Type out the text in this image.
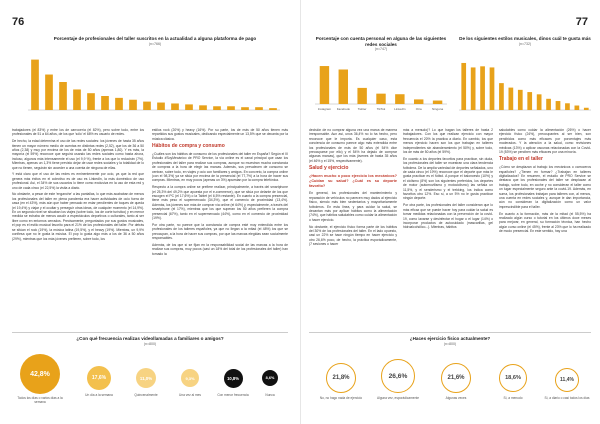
76
Porcentaje de profesionales del taller suscritos en la actualidad a alguna plataforma de pago
(n=766)

trabajadores (el 83%) y entre los de carrocería (el 82%), pero sobre todo, entre los profesionales de 51 a 64 años, de los que 'sólo' el 68% es usuario de redes.

De hecho, la edad determina el uso de las redes sociales: los jóvenes de hasta 35 años tienen un mayor número medio de cuentas en distintas redes (2,52), que los de 36 a 50 años (2,38) y muy por encima de los de más de 50 años (apenas 1,80). Y es más, la mayoría (el 59%) reconoce que seguirá usando las redes sociales como hasta ahora, incluso, algunos más intensamente el uso (el 9,9 %), frente a los que lo reducirán (7%). Mientras, apenas un 1,3% tiene previsto dejar de usar redes sociales y la totalidad de lo que no tienen, seguirán sin acceder a una cuenta de ninguna de ellas.

Y está claro que el uso de las redes es eminentemente por ocio, ya que la red que genera más éxitos en el colectivo es de uso es LinkedIn, la más doméstico de uso profesional. Así, el 34% de sus usuarios lo tiene como exclusiva en la uso de esta red y uno de cada cinco (el 22,5%) la visita a diario.

No obstante, a pesar de este 'enganche' a las pantallas, lo que más acababan de menos los profesionales del taller en plena pandemia era hacer actividades de ocio fuera de casa (en el 43%), más aún que haber pensado en estar pendientes de toques de queda (el 19,4%) y viajar y el ocultar y perseguir otras ideas, de cualquier momento (el 14,9%). En un segundo nivel se situaban los viajes (sobre todo, los de corte turístico) y en menor medida se echaba de menos acudir a espectáculos deportivos o culturales, tanto al ser libre como en entornos cerrados. Precisamente, preguntados por sus gustos musicales, el pop es el estilo musical favorito para el 21% de los profesionales del taller. Por detrás se sitúan el rock (19%), la música latina (19,5%), y el heavy (19%). Mientras, un 9,9% confiesa que no le gusta la música. El pop lo gusta algo más a los de 36 a 50 años (29%), mientras que los más jóvenes prefieren, sobre todo, los

estilos rock (20%) y heavy (16%). Por su parte, los de más de 50 años tienen más repartidos sus gustos musicales, dedicando especialmente un 13,5% que se decanta por la música clásica.

Hábitos de compra y consumo

¿Cuáles son los hábitos de consumo de los profesionales del taller en España? Según el III Estudio #SoyMecánico de PRO Service, la vía online es el canal principal que usan los profesionales del taller para realizar sus compras, aunque no muestran mucha constancia de compras a la hora de elegir las marcas. Además, sus prevalecen de consumo se centran, sobre todo, en viajes y ocio con familiares y amigos. En concreto, la compra online (con el 98,3%) ya se sitúa por encima de la presencial (el 77,7%) a la hora de hacer sus compras. Mientras, en muy pocos (apenas un 3%) apuestan por la compra telefónica.

Respecto a la compra online se prefiere realizar, principalmente, a través del smartphone (el 25,3% del 49,2% que apuesta por el e-commerce), que se sitúa por delante de los que escogen el PC (el 17,6%) o la Tablet (el 6,5% restante). En cuanto a la compra presencial, tiene más peso el supermercado (34,3%), que el comercio de proximidad (13,4%). Además, los jóvenes son más de comprar vía online (el 64%) y, especialmente, a través del smartphone (el 17%), mientras que los que superan los 50 años prefieren la compra presencial (67%), tanto en el supermercado (44%), como en el comercio de proximidad (19%).

Por otra parte, no parece que la constancia de compra esté muy extendida entre los profesionales de los talleres españoles, ya que no llegan a la mitad (el 48%) los que se preocupan, a la hora de hacer sus compras, por que las marcas elegidas sean socialmente responsables.

Además, de los que sí se fijan en la responsabilidad social de las marcas a la hora de realizar sus compras, muy pocos (casi un 18% del total de los profesionales del taller) han tomado la

¿Con qué frecuencia realizas videollamadas a familiares o amigos?
(n=800)
42,8%
Todos los días o varios días a la semana
17,6%
Un día a la semana
11,0%
Quincenalmente
9,3%
Una vez al mes
10,8%
Con menor frecuencia
8,6%
Nunca
77
Porcentaje con cuenta personal en alguna de las siguientes redes sociales
(n=747)
Instagram Facebook	Twitter	TikTok	LinkedIn	Otra	Ninguna
De los siguientes estilos musicales, dinos cuál te gusta más
(n=732)

decisión de no comprar alguna vez una marca de manera irresponsable. Aun así, unos 36,4% no lo ha hecho, pero reconoce que le importa. Es cualquier caso, esta conciencia de consumo parece algo más extendida entre los profesionales de más de 50 años (el 54% dice preocuparse por ello) y el 54% ha dejado de comprar algunas marcas), que los más jóvenes de hasta 35 años (el 46% y el 15%, respectivamente).

Salud y ejercicio

¿Hacen mucho o poco ejercicio los mecánicos? ¿Cuidan su salud? ¿Cuál es su deporte favorito?

En general, los profesionales del mantenimiento y reparación de vehículos no parecen muy dados al ejercicio físico, siendo más bien sedentarios y mayoritariamente futboleros. En esta línea, y para cuidar la salud, se decantan más por aplicar hábitos como la alimentación (74%), que hábitos saludables como cuidar la alimentación o hacer ejercicio.

No obstante, el ejercicio físico forma parte de los hábitos del 30% de los profesionales del taller. En el lado opuesto, casi un 22% se hace ningún tiempo en hacer ejercicio y otro 26,6% poco, de hecho, la práctica esporádicamente, (7 sesiones o hacer

más a menudo)? Lo que hagan los talleres de hasta 2 trabajadores. Con los que realizan ejercicio con mayor frecuencia el 20% la practica a diario. En cambio, los que menos ejercicio hacen son los que trabajan en talleres independientes sin abanderamiento (el 50%) y, sobre todo, los de más de 50 años (el 59%).

En cuanto a los deportes favoritos para practicar, sin duda, los profesionales del taller se muestran una clara tendencia futbolera. De la amplia variedad de deportes señalados, uno de cada cinco (el 19%) reconoce que el deporte que más le gusta practicar es el fútbol. A porque el baloncesto (10%) y el ciclismo (8%) son los siguientes preferidos, los deportes de motor (automovilismo y motociclismo) las señala un 11,5%, y el senderismo y el trekking, los indica como favoritos otro 12%. Eso sí, a un 5% no le gusta practicar ningún deporte.

Por otra parte, los profesionales del taller consideran que lo más eficaz que se puede hacer hoy para cuidar la salud es tomar medidas relacionadas con la prevención de la covid-19, como lavarse y desinfectar el hogar o el lugar (14%) o incorporar productos de autocuidado (mascarillas, gel hidroalcohólico...). Mientras, hábitos

saludables como cuidar la alimentación (26%) o hacer ejercicio físico (24%), preocupantes al ser bien, son percibidos como más eficaces por porcentajes más moderados. Y la atención a la salud, como revisiones médicas (13%) o aplicar vacunas relacionadas con la Covid-19 (53%) se perciben más eficaces por una minoría.

Trabajo en el taller

¿Cómo se desplazan al trabajo los mecánicos o carroceros españoles? ¿Tienen en formar? ¿Trabajan en talleres digitalizados? En resumen, el estudio de PRO Service se destaca que los profesionales del taller se desplazan al trabajo, sobre todo, en coche y no consideran el taller como un lugar especialmente seguro ante la covid-19. Además, en suma, los profesionales trabajan para talleres con, al menos, una cuenta en redes sociales y, aunque le dan importancia, aún no consideran la digitalización como un valor imprescindible para el taller.

En cuanto a la formación, más de la mitad (el 55,5%) ha realizado algún curso o tutorial en los últimos doce meses para mejorar, en general, su formación técnica, han hecho algún curso online (el 45%), frente al 23% que lo ha realizado de modo presencial. En este sentido, hay una

¿Haces ejercicio físico actualmente?
(n=800)
21,8%
No, no hago nada de ejercicio
26,6%
Alguna vez, esporádicamente
21,6%
Algunas veces
18,6%
Sí, a menudo
11,4%
Sí, a diario o casi todos los días
